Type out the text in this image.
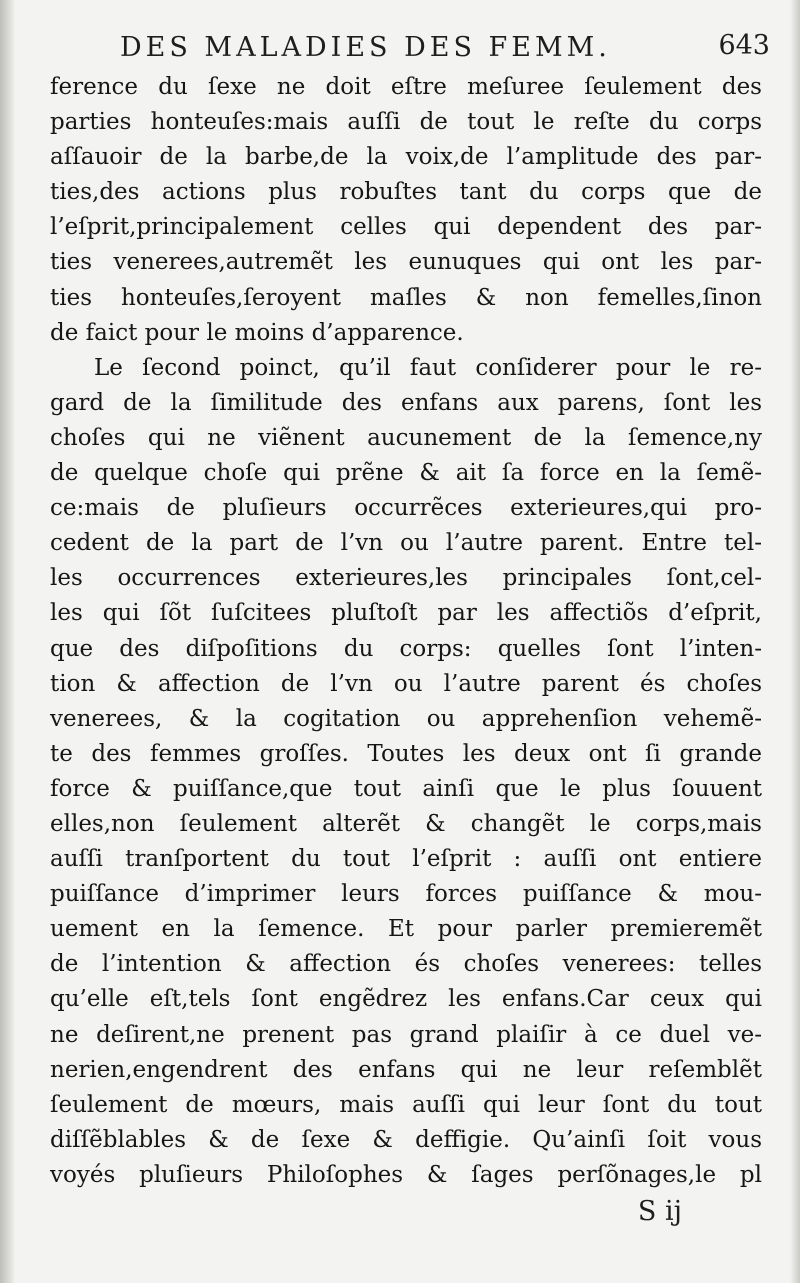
DES MALADIES DES FEMM.	643
ference du ſexe ne doit eſtre meſuree ſeulement des
parties honteuſes:mais auſſi de tout le reſte du corps
aſſauoir de la barbe,de la voix,de l’amplitude des par-
ties,des actions plus robuſtes tant du corps que de
l’eſprit,principalement celles qui dependent des par-
ties venerees,autremẽt les eunuques qui ont les par-
ties honteuſes,ſeroyent maſles & non femelles,ſinon
de faict pour le moins d’apparence.
Le ſecond poinct, qu’il faut conſiderer pour le re-
gard de la ſimilitude des enfans aux parens, ſont les
choſes qui ne viẽnent aucunement de la ſemence,ny
de quelque choſe qui prẽne & ait ſa force en la ſemẽ-
ce:mais de pluſieurs occurrẽces exterieures,qui pro-
cedent de la part de l’vn ou l’autre parent. Entre tel-
les occurrences exterieures,les principales ſont,cel-
les qui ſõt ſuſcitees pluſtoſt par les affectiõs d’eſprit,
que des diſpoſitions du corps: quelles ſont l’inten-
tion & affection de l’vn ou l’autre parent és choſes
venerees, & la cogitation ou apprehenſion vehemẽ-
te des femmes groſſes. Toutes les deux ont ſi grande
force & puiſſance,que tout ainſi que le plus ſouuent
elles,non ſeulement alterẽt & changẽt le corps,mais
auſſi tranſportent du tout l’eſprit : auſſi ont entiere
puiſſance d’imprimer leurs forces puiſſance & mou-
uement en la ſemence. Et pour parler premieremẽt
de l’intention & affection és choſes venerees: telles
qu’elle eſt,tels ſont engẽdrez les enfans.Car ceux qui
ne deſirent,ne prenent pas grand plaiſir à ce duel ve-
nerien,engendrent des enfans qui ne leur reſemblẽt
ſeulement de mœurs, mais auſſi qui leur ſont du tout
diſſẽblables & de ſexe & deffigie. Qu’ainſi ſoit vous
voyés pluſieurs Philoſophes & ſages perſõnages,le pl
S ij
